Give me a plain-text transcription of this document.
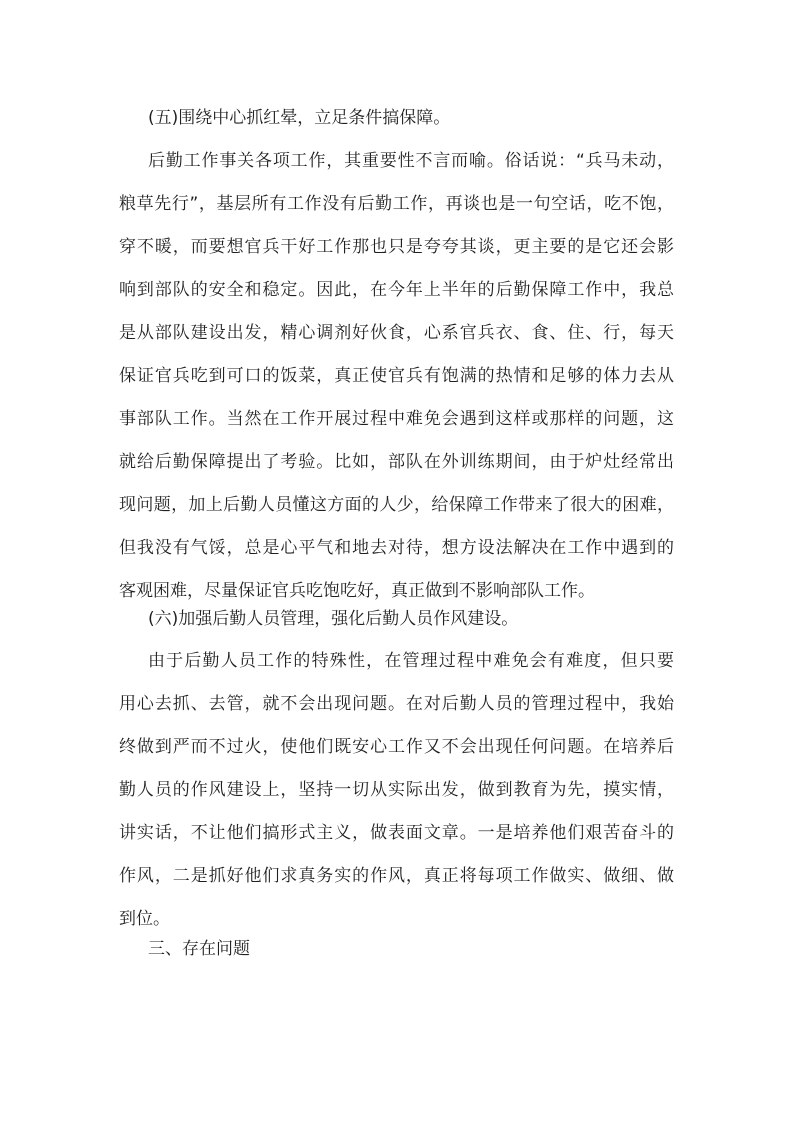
(五)围绕中心抓红晕，立足条件搞保障。
后勤工作事关各项工作，其重要性不言而喻。俗话说：“兵马未动，
粮草先行”，基层所有工作没有后勤工作，再谈也是一句空话，吃不饱，
穿不暖，而要想官兵干好工作那也只是夸夸其谈，更主要的是它还会影
响到部队的安全和稳定。因此，在今年上半年的后勤保障工作中，我总
是从部队建设出发，精心调剂好伙食，心系官兵衣、食、住、行，每天
保证官兵吃到可口的饭菜，真正使官兵有饱满的热情和足够的体力去从
事部队工作。当然在工作开展过程中难免会遇到这样或那样的问题，这
就给后勤保障提出了考验。比如，部队在外训练期间，由于炉灶经常出
现问题，加上后勤人员懂这方面的人少，给保障工作带来了很大的困难，
但我没有气馁，总是心平气和地去对待，想方设法解决在工作中遇到的
客观困难，尽量保证官兵吃饱吃好，真正做到不影响部队工作。
(六)加强后勤人员管理，强化后勤人员作风建设。
由于后勤人员工作的特殊性，在管理过程中难免会有难度，但只要
用心去抓、去管，就不会出现问题。在对后勤人员的管理过程中，我始
终做到严而不过火，使他们既安心工作又不会出现任何问题。在培养后
勤人员的作风建设上，坚持一切从实际出发，做到教育为先，摸实情，
讲实话，不让他们搞形式主义，做表面文章。一是培养他们艰苦奋斗的
作风，二是抓好他们求真务实的作风，真正将每项工作做实、做细、做
到位。
三、存在问题
